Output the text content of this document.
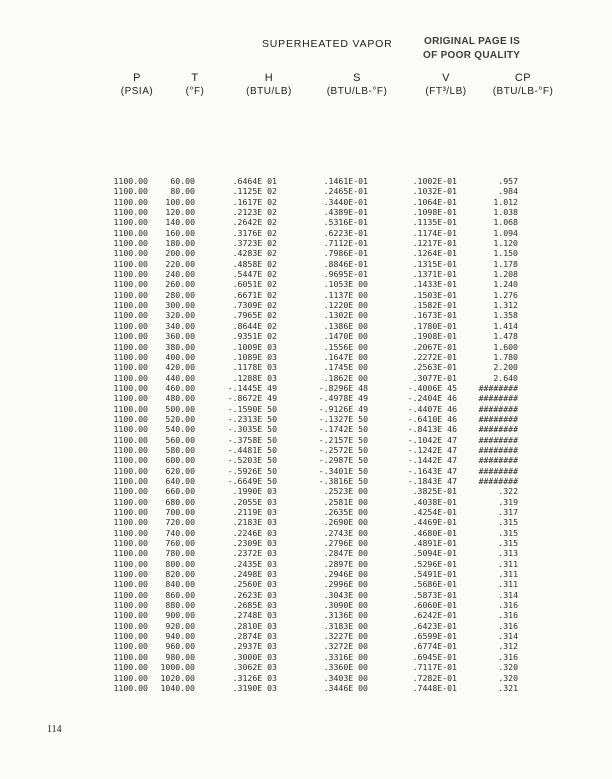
SUPERHEATED VAPOR	ORIGINAL PAGE IS
OF POOR QUALITY
P
(PSIA)
T
(°F)
H
(BTU/LB)
S
(BTU/LB-°F)
V
(FT³/LB)
CP
(BTU/LB-°F)
1100.00	60.00	.6464E 01	.1461E-01	.1002E-01	.957
1100.00	80.00	.1125E 02	.2465E-01	.1032E-01	.984
1100.00	100.00	.1617E 02	.3440E-01	.1064E-01	1.012
1100.00	120.00	.2123E 02	.4389E-01	.1098E-01	1.038
1100.00	140.00	.2642E 02	.5316E-01	.1135E-01	1.068
1100.00	160.00	.3176E 02	.6223E-01	.1174E-01	1.094
1100.00	180.00	.3723E 02	.7112E-01	.1217E-01	1.120
1100.00	200.00	.4283E 02	.7986E-01	.1264E-01	1.150
1100.00	220.00	.4858E 02	.8846E-01	.1315E-01	1.178
1100.00	240.00	.5447E 02	.9695E-01	.1371E-01	1.208
1100.00	260.00	.6051E 02	.1053E 00	.1433E-01	1.240
1100.00	280.00	.6671E 02	.1137E 00	.1503E-01	1.276
1100.00	300.00	.7309E 02	.1220E 00	.1582E-01	1.312
1100.00	320.00	.7965E 02	.1302E 00	.1673E-01	1.358
1100.00	340.00	.8644E 02	.1386E 00	.1780E-01	1.414
1100.00	360.00	.9351E 02	.1470E 00	.1908E-01	1.478
1100.00	380.00	.1009E 03	.1556E 00	.2067E-01	1.600
1100.00	400.00	.1089E 03	.1647E 00	.2272E-01	1.780
1100.00	420.00	.1178E 03	.1745E 00	.2563E-01	2.200
1100.00	440.00	.1288E 03	.1862E 00	.3077E-01	2.640
1100.00	460.00	-.1445E 49	-.8296E 48	-.4006E 45	########
1100.00	480.00	-.8672E 49	-.4978E 49	-.2404E 46	########
1100.00	500.00	-.1590E 50	-.9126E 49	-.4407E 46	########
1100.00	520.00	-.2313E 50	-.1327E 50	-.6410E 46	########
1100.00	540.00	-.3035E 50	-.1742E 50	-.8413E 46	########
1100.00	560.00	-.3758E 50	-.2157E 50	-.1042E 47	########
1100.00	580.00	-.4481E 50	-.2572E 50	-.1242E 47	########
1100.00	600.00	-.5203E 50	-.2987E 50	-.1442E 47	########
1100.00	620.00	-.5926E 50	-.3401E 50	-.1643E 47	########
1100.00	640.00	-.6649E 50	-.3816E 50	-.1843E 47	########
1100.00	660.00	.1990E 03	.2523E 00	.3825E-01	.322
1100.00	680.00	.2055E 03	.2581E 00	.4038E-01	.319
1100.00	700.00	.2119E 03	.2635E 00	.4254E-01	.317
1100.00	720.00	.2183E 03	.2690E 00	.4469E-01	.315
1100.00	740.00	.2246E 03	.2743E 00	.4680E-01	.315
1100.00	760.00	.2309E 03	.2796E 00	.4891E-01	.315
1100.00	780.00	.2372E 03	.2847E 00	.5094E-01	.313
1100.00	800.00	.2435E 03	.2897E 00	.5296E-01	.311
1100.00	820.00	.2498E 03	.2946E 00	.5491E-01	.311
1100.00	840.00	.2560E 03	.2996E 00	.5686E-01	.311
1100.00	860.00	.2623E 03	.3043E 00	.5873E-01	.314
1100.00	880.00	.2685E 03	.3090E 00	.6060E-01	.316
1100.00	900.00	.2748E 03	.3136E 00	.6242E-01	.316
1100.00	920.00	.2810E 03	.3183E 00	.6423E-01	.316
1100.00	940.00	.2874E 03	.3227E 00	.6599E-01	.314
1100.00	960.00	.2937E 03	.3272E 00	.6774E-01	.312
1100.00	980.00	.3000E 03	.3316E 00	.6945E-01	.316
1100.00	1000.00	.3062E 03	.3360E 00	.7117E-01	.320
1100.00	1020.00	.3126E 03	.3403E 00	.7282E-01	.320
1100.00	1040.00	.3190E 03	.3446E 00	.7448E-01	.321
114
